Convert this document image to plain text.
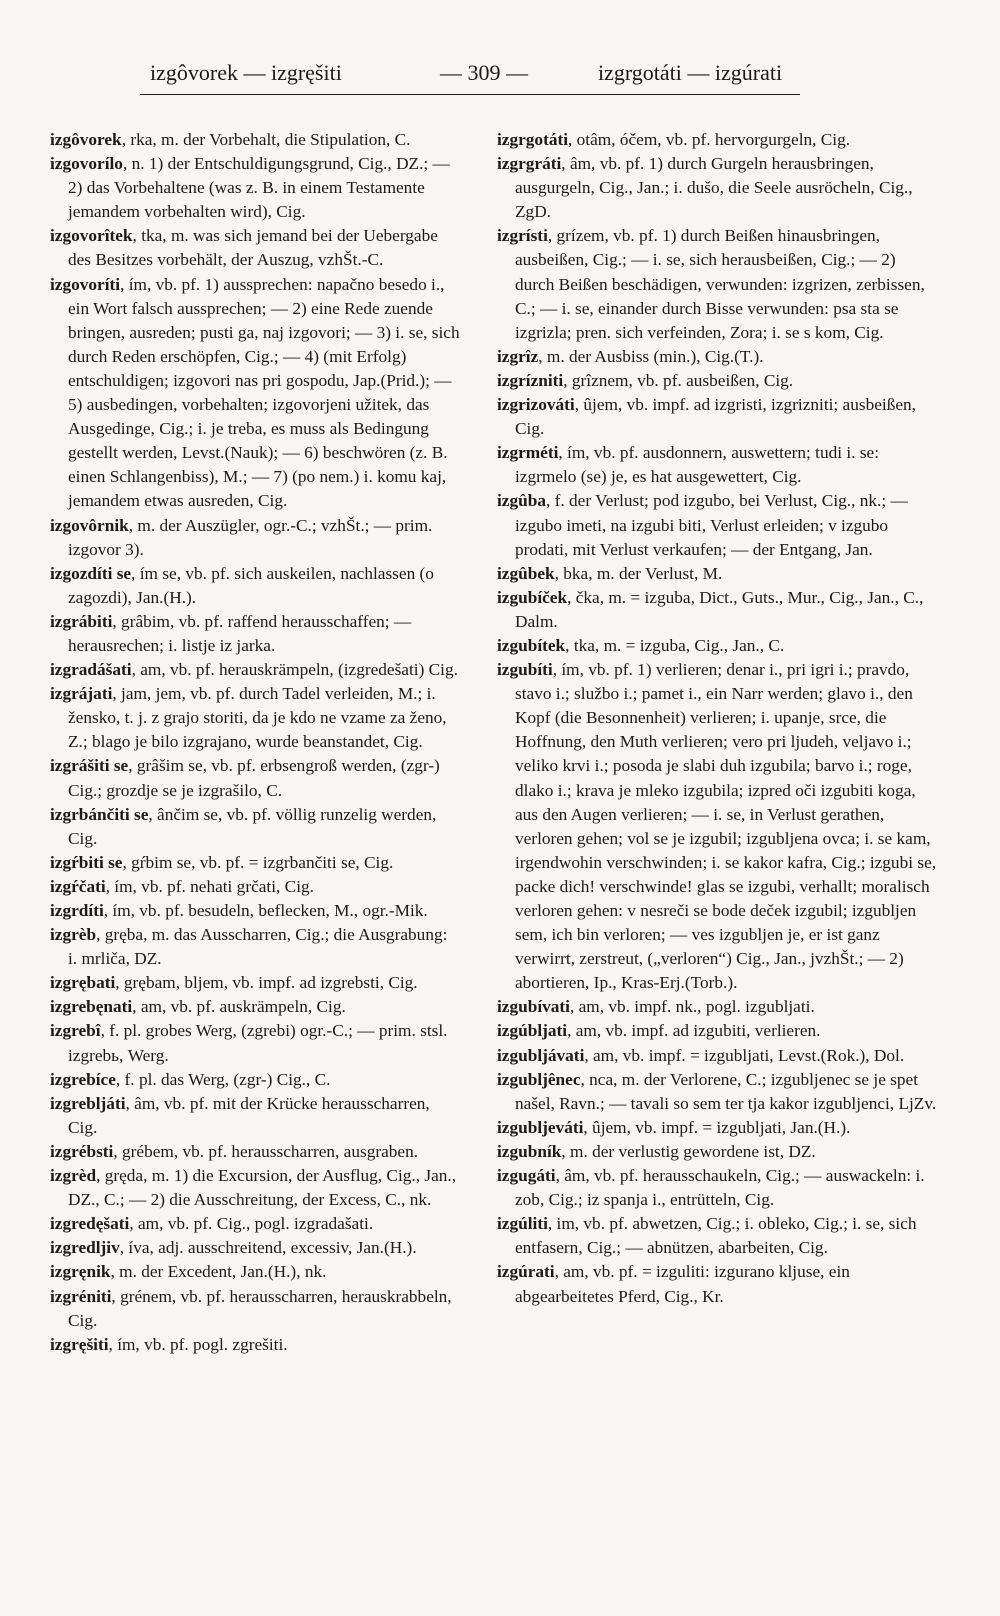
izgôvorek — izgręšiti	— 309 —	izgrgotáti — izgúrati

izgôvorek, rka, m. der Vorbehalt, die Stipulation, C.

izgovorílo, n. 1) der Entschuldigungsgrund, Cig., DZ.; — 2) das Vorbehaltene (was z. B. in einem Testamente jemandem vorbehalten wird), Cig.

izgovorîtek, tka, m. was sich jemand bei der Uebergabe des Besitzes vorbehält, der Auszug, vzhŠt.-C.

izgovoríti, ím, vb. pf. 1) aussprechen: napačno besedo i., ein Wort falsch aussprechen; — 2) eine Rede zuende bringen, ausreden; pusti ga, naj izgovori; — 3) i. se, sich durch Reden erschöpfen, Cig.; — 4) (mit Erfolg) entschuldigen; izgovori nas pri gospodu, Jap.(Prid.); — 5) ausbedingen, vorbehalten; izgovorjeni užitek, das Ausgedinge, Cig.; i. je treba, es muss als Bedingung gestellt werden, Levst.(Nauk); — 6) beschwören (z. B. einen Schlangenbiss), M.; — 7) (po nem.) i. komu kaj, jemandem etwas ausreden, Cig.

izgovôrnik, m. der Auszügler, ogr.-C.; vzhŠt.; — prim. izgovor 3).

izgozdíti se, ím se, vb. pf. sich auskeilen, nachlassen (o zagozdi), Jan.(H.).

izgrábiti, grâbim, vb. pf. raffend herausschaffen; — herausrechen; i. listje iz jarka.

izgradášati, am, vb. pf. herauskrämpeln, (izgredešati) Cig.

izgrájati, jam, jem, vb. pf. durch Tadel verleiden, M.; i. žensko, t. j. z grajo storiti, da je kdo ne vzame za ženo, Z.; blago je bilo izgrajano, wurde beanstandet, Cig.

izgrášiti se, grâšim se, vb. pf. erbsengroß werden, (zgr-) Cig.; grozdje se je izgrašilo, C.

izgrbánčiti se, ânčim se, vb. pf. völlig runzelig werden, Cig.

izgŕbiti se, gŕbim se, vb. pf. = izgrbančiti se, Cig.

izgŕčati, ím, vb. pf. nehati grčati, Cig.

izgrdíti, ím, vb. pf. besudeln, beflecken, M., ogr.-Mik.

izgrèb, gręba, m. das Ausscharren, Cig.; die Ausgrabung: i. mrliča, DZ.

izgrębati, grębam, bljem, vb. impf. ad izgrebsti, Cig.

izgrebęnati, am, vb. pf. auskrämpeln, Cig.

izgrebî, f. pl. grobes Werg, (zgrebi) ogr.-C.; — prim. stsl. izgrebь, Werg.

izgrebíce, f. pl. das Werg, (zgr-) Cig., C.

izgrebljáti, âm, vb. pf. mit der Krücke herausscharren, Cig.

izgrébsti, grébem, vb. pf. herausscharren, ausgraben.

izgrèd, gręda, m. 1) die Excursion, der Ausflug, Cig., Jan., DZ., C.; — 2) die Ausschreitung, der Excess, C., nk.

izgredęšati, am, vb. pf. Cig., pogl. izgradašati.

izgredljiv, íva, adj. ausschreitend, excessiv, Jan.(H.).

izgręnik, m. der Excedent, Jan.(H.), nk.

izgréniti, grénem, vb. pf. herausscharren, herauskrabbeln, Cig.

izgręšiti, ím, vb. pf. pogl. zgrešiti.

izgrgotáti, otâm, óčem, vb. pf. hervorgurgeln, Cig.

izgrgráti, âm, vb. pf. 1) durch Gurgeln herausbringen, ausgurgeln, Cig., Jan.; i. dušo, die Seele ausröcheln, Cig., ZgD.

izgrísti, grízem, vb. pf. 1) durch Beißen hinausbringen, ausbeißen, Cig.; — i. se, sich herausbeißen, Cig.; — 2) durch Beißen beschädigen, verwunden: izgrizen, zerbissen, C.; — i. se, einander durch Bisse verwunden: psa sta se izgrizla; pren. sich verfeinden, Zora; i. se s kom, Cig.

izgrîz, m. der Ausbiss (min.), Cig.(T.).

izgrízniti, grîznem, vb. pf. ausbeißen, Cig.

izgrizováti, ûjem, vb. impf. ad izgristi, izgrizniti; ausbeißen, Cig.

izgrméti, ím, vb. pf. ausdonnern, auswettern; tudi i. se: izgrmelo (se) je, es hat ausgewettert, Cig.

izgûba, f. der Verlust; pod izgubo, bei Verlust, Cig., nk.; — izgubo imeti, na izgubi biti, Verlust erleiden; v izgubo prodati, mit Verlust verkaufen; — der Entgang, Jan.

izgûbek, bka, m. der Verlust, M.

izgubíček, čka, m. = izguba, Dict., Guts., Mur., Cig., Jan., C., Dalm.

izgubítek, tka, m. = izguba, Cig., Jan., C.

izgubíti, ím, vb. pf. 1) verlieren; denar i., pri igri i.; pravdo, stavo i.; službo i.; pamet i., ein Narr werden; glavo i., den Kopf (die Besonnenheit) verlieren; i. upanje, srce, die Hoffnung, den Muth verlieren; vero pri ljudeh, veljavo i.; veliko krvi i.; posoda je slabi duh izgubila; barvo i.; roge, dlako i.; krava je mleko izgubila; izpred oči izgubiti koga, aus den Augen verlieren; — i. se, in Verlust gerathen, verloren gehen; vol se je izgubil; izgubljena ovca; i. se kam, irgendwohin verschwinden; i. se kakor kafra, Cig.; izgubi se, packe dich! verschwinde! glas se izgubi, verhallt; moralisch verloren gehen: v nesreči se bode deček izgubil; izgubljen sem, ich bin verloren; — ves izgubljen je, er ist ganz verwirrt, zerstreut, („verloren“) Cig., Jan., jvzhŠt.; — 2) abortieren, Ip., Kras-Erj.(Torb.).

izgubívati, am, vb. impf. nk., pogl. izgubljati.

izgúbljati, am, vb. impf. ad izgubiti, verlieren.

izgubljávati, am, vb. impf. = izgubljati, Levst.(Rok.), Dol.

izgubljênec, nca, m. der Verlorene, C.; izgubljenec se je spet našel, Ravn.; — tavali so sem ter tja kakor izgubljenci, LjZv.

izgubljeváti, ûjem, vb. impf. = izgubljati, Jan.(H.).

izgubník, m. der verlustig gewordene ist, DZ.

izgugáti, âm, vb. pf. herausschaukeln, Cig.; — auswackeln: i. zob, Cig.; iz spanja i., entrütteln, Cig.

izgúliti, im, vb. pf. abwetzen, Cig.; i. obleko, Cig.; i. se, sich entfasern, Cig.; — abnützen, abarbeiten, Cig.

izgúrati, am, vb. pf. = izguliti: izgurano kljuse, ein abgearbeitetes Pferd, Cig., Kr.
